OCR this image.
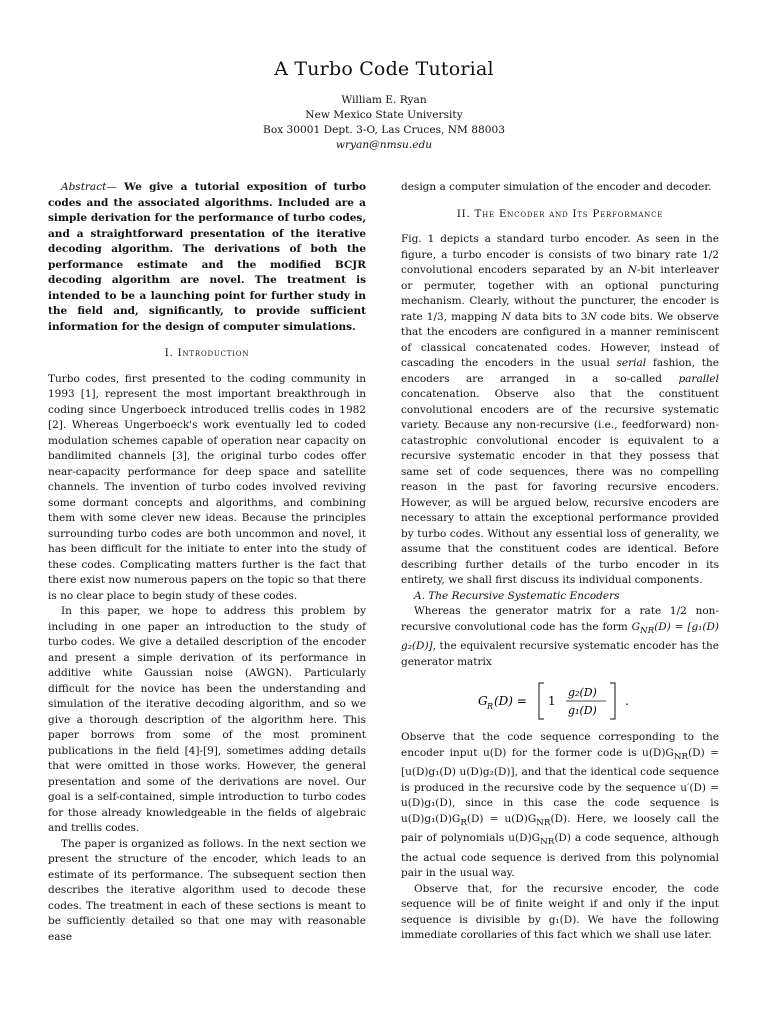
A Turbo Code Tutorial
William E. Ryan
New Mexico State University
Box 30001 Dept. 3-O, Las Cruces, NM 88003
wryan@nmsu.edu

Abstract— We give a tutorial exposition of turbo codes and the associated algorithms. Included are a simple derivation for the performance of turbo codes, and a straightforward presentation of the iterative decoding algorithm. The derivations of both the performance estimate and the modified BCJR decoding algorithm are novel. The treatment is intended to be a launching point for further study in the field and, significantly, to provide sufficient information for the design of computer simulations.

I. Introduction

Turbo codes, first presented to the coding community in 1993 [1], represent the most important breakthrough in coding since Ungerboeck introduced trellis codes in 1982 [2]. Whereas Ungerboeck's work eventually led to coded modulation schemes capable of operation near capacity on bandlimited channels [3], the original turbo codes offer near-capacity performance for deep space and satellite channels. The invention of turbo codes involved reviving some dormant concepts and algorithms, and combining them with some clever new ideas. Because the principles surrounding turbo codes are both uncommon and novel, it has been difficult for the initiate to enter into the study of these codes. Complicating matters further is the fact that there exist now numerous papers on the topic so that there is no clear place to begin study of these codes.

In this paper, we hope to address this problem by including in one paper an introduction to the study of turbo codes. We give a detailed description of the encoder and present a simple derivation of its performance in additive white Gaussian noise (AWGN). Particularly difficult for the novice has been the understanding and simulation of the iterative decoding algorithm, and so we give a thorough description of the algorithm here. This paper borrows from some of the most prominent publications in the field [4]-[9], sometimes adding details that were omitted in those works. However, the general presentation and some of the derivations are novel. Our goal is a self-contained, simple introduction to turbo codes for those already knowledgeable in the fields of algebraic and trellis codes.

The paper is organized as follows. In the next section we present the structure of the encoder, which leads to an estimate of its performance. The subsequent section then describes the iterative algorithm used to decode these codes. The treatment in each of these sections is meant to be sufficiently detailed so that one may with reasonable ease

design a computer simulation of the encoder and decoder.

II. The Encoder and Its Performance

Fig. 1 depicts a standard turbo encoder. As seen in the figure, a turbo encoder is consists of two binary rate 1/2 convolutional encoders separated by an N-bit interleaver or permuter, together with an optional puncturing mechanism. Clearly, without the puncturer, the encoder is rate 1/3, mapping N data bits to 3N code bits. We observe that the encoders are configured in a manner reminiscent of classical concatenated codes. However, instead of cascading the encoders in the usual serial fashion, the encoders are arranged in a so-called parallel concatenation. Observe also that the constituent convolutional encoders are of the recursive systematic variety. Because any non-recursive (i.e., feedforward) non-catastrophic convolutional encoder is equivalent to a recursive systematic encoder in that they possess that same set of code sequences, there was no compelling reason in the past for favoring recursive encoders. However, as will be argued below, recursive encoders are necessary to attain the exceptional performance provided by turbo codes. Without any essential loss of generality, we assume that the constituent codes are identical. Before describing further details of the turbo encoder in its entirety, we shall first discuss its individual components.

A. The Recursive Systematic Encoders

Whereas the generator matrix for a rate 1/2 non-recursive convolutional code has the form $G_{NR}(D) = [g_1(D)$ g₂(D)], the equivalent recursive systematic encoder has the generator matrix

G R (D) = 1
g₂(D)
g₁(D)
.

Observe that the code sequence corresponding to the encoder input u(D) for the former code is $u(D)G_{NR}(D) = [u(D)g_1(D)$ u(D)g₂(D)], and that the identical code sequence is produced in the recursive code by the sequence u′(D) = u(D)g₁(D), since in this case the code sequence is $u(D)g_1(D)G_R(D) = u(D)G_{NR}(D)$. Here, we loosely call the pair of polynomials $u(D)G_{NR}(D)$ a code sequence, although the actual code sequence is derived from this polynomial pair in the usual way.

Observe that, for the recursive encoder, the code sequence will be of finite weight if and only if the input sequence is divisible by g₁(D). We have the following immediate corollaries of this fact which we shall use later.
